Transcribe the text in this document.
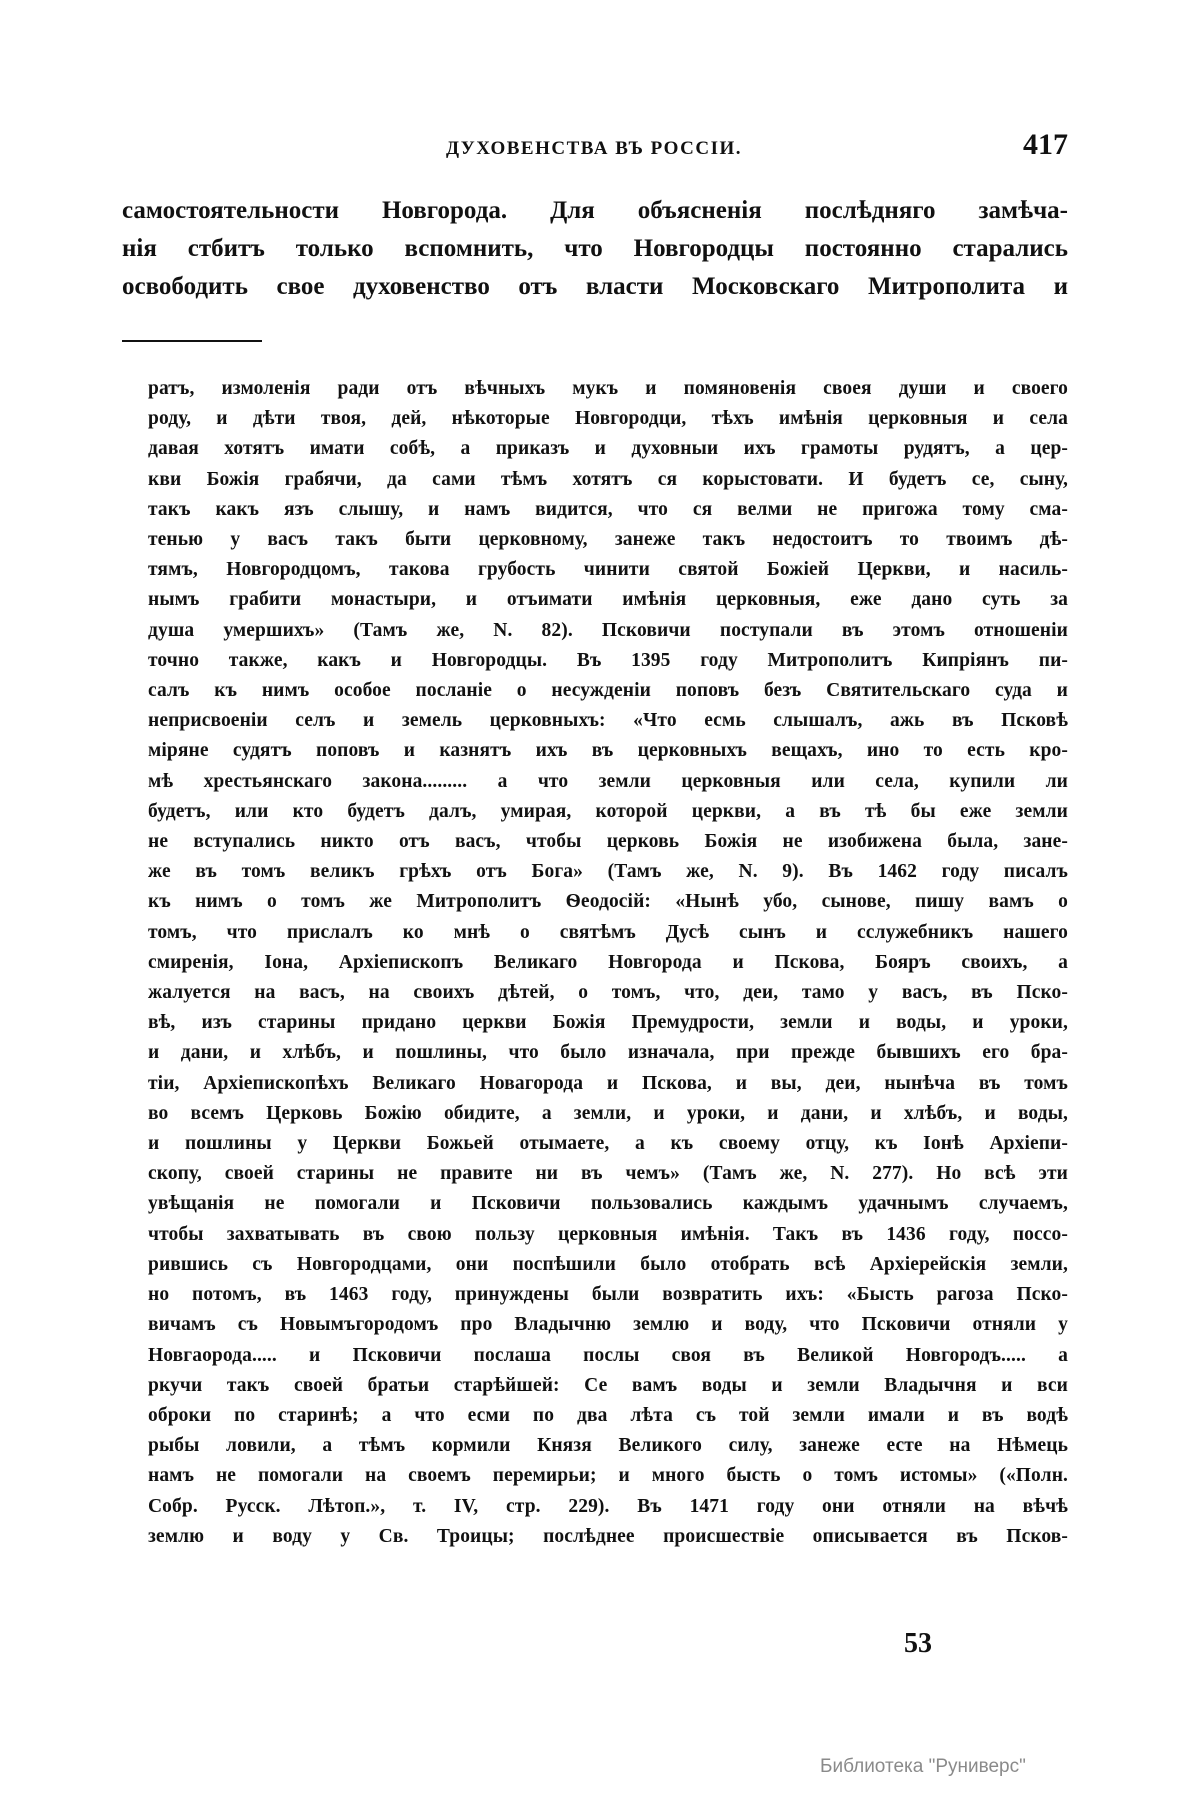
ДУХОВЕНСТВА ВЪ РОССІИ.	417
самостоятельности Новгорода. Для объясненія послѣдняго замѣча-
нія стбитъ только вспомнить, что Новгородцы постоянно старались
освободить свое духовенство отъ власти Московскаго Митрополита и
ратъ, измоленія ради отъ вѣчныхъ мукъ и помяновенія своея души и своего
роду, и дѣти твоя, дей, нѣкоторые Новгородци, тѣхъ имѣнія церковныя и села
давая хотятъ имати собѣ, а приказъ и духовныи ихъ грамоты рудятъ, а цер-
кви Божія грабячи, да сами тѣмъ хотятъ ся корыстовати. И будетъ се, сыну,
такъ какъ язъ слышу, и намъ видится, что ся велми не пригожа тому сма-
тенью у васъ такъ быти церковному, занеже такъ недостоитъ то твоимъ дѣ-
тямъ, Новгородцомъ, такова грубость чинити святой Божіей Церкви, и насиль-
нымъ грабити монастыри, и отъимати имѣнія церковныя, еже дано суть за
душа умершихъ» (Тамъ же, N. 82). Псковичи поступали въ этомъ отношеніи
точно также, какъ и Новгородцы. Въ 1395 году Митрополитъ Кипріянъ пи-
салъ къ нимъ особое посланіе о несужденіи поповъ безъ Святительскаго суда и
неприсвоеніи селъ и земель церковныхъ: «Что есмь слышалъ, ажь въ Псковѣ
міряне судятъ поповъ и казнятъ ихъ въ церковныхъ вещахъ, ино то есть кро-
мѣ хрестьянскаго закона......... а что земли церковныя или села, купили ли
будетъ, или кто будетъ далъ, умирая, которой церкви, а въ тѣ бы еже земли
не вступались никто отъ васъ, чтобы церковь Божія не изобижена была, зане-
же въ томъ великъ грѣхъ отъ Бога» (Тамъ же, N. 9). Въ 1462 году писалъ
къ нимъ о томъ же Митрополитъ Ѳеодосій: «Нынѣ убо, сынове, пишу вамъ о
томъ, что прислалъ ко мнѣ о святѣмъ Дусѣ сынъ и сслужебникъ нашего
смиренія, Іона, Архіепископъ Великаго Новгорода и Пскова, Бояръ своихъ, а
жалуется на васъ, на своихъ дѣтей, о томъ, что, деи, тамо у васъ, въ Пско-
вѣ, изъ старины придано церкви Божія Премудрости, земли и воды, и уроки,
и дани, и хлѣбъ, и пошлины, что было изначала, при прежде бывшихъ его бра-
тіи, Архіепископѣхъ Великаго Новагорода и Пскова, и вы, деи, нынѣча въ томъ
во всемъ Церковь Божію обидите, а земли, и уроки, и дани, и хлѣбъ, и воды,
и пошлины у Церкви Божьей отымаете, а къ своему отцу, къ Іонѣ Архіепи-
скопу, своей старины не правите ни въ чемъ» (Тамъ же, N. 277). Но всѣ эти
увѣщанія не помогали и Псковичи пользовались каждымъ удачнымъ случаемъ,
чтобы захватывать въ свою пользу церковныя имѣнія. Такъ въ 1436 году, поссо-
рившись съ Новгородцами, они поспѣшили было отобрать всѣ Архіерейскія земли,
но потомъ, въ 1463 году, принуждены были возвратить ихъ: «Бысть рагоза Пско-
вичамъ съ Новымъгородомъ про Владычню землю и воду, что Псковичи отняли у
Новгаорода..... и Псковичи послаша послы своя въ Великой Новгородъ..... а
ркучи такъ своей братьи старѣйшей: Се вамъ воды и земли Владычня и вси
оброки по старинѣ; а что есми по два лѣта съ той земли имали и въ водѣ
рыбы ловили, а тѣмъ кормили Князя Великого силу, занеже есте на Нѣмець
намъ не помогали на своемъ перемирьи; и много бысть о томъ истомы» («Полн.
Собр. Русск. Лѣтоп.», т. IV, стр. 229). Въ 1471 году они отняли на вѣчѣ
землю и воду у Св. Троицы; послѣднее происшествіе описывается въ Псков-
53
Библиотека "Руниверс"
